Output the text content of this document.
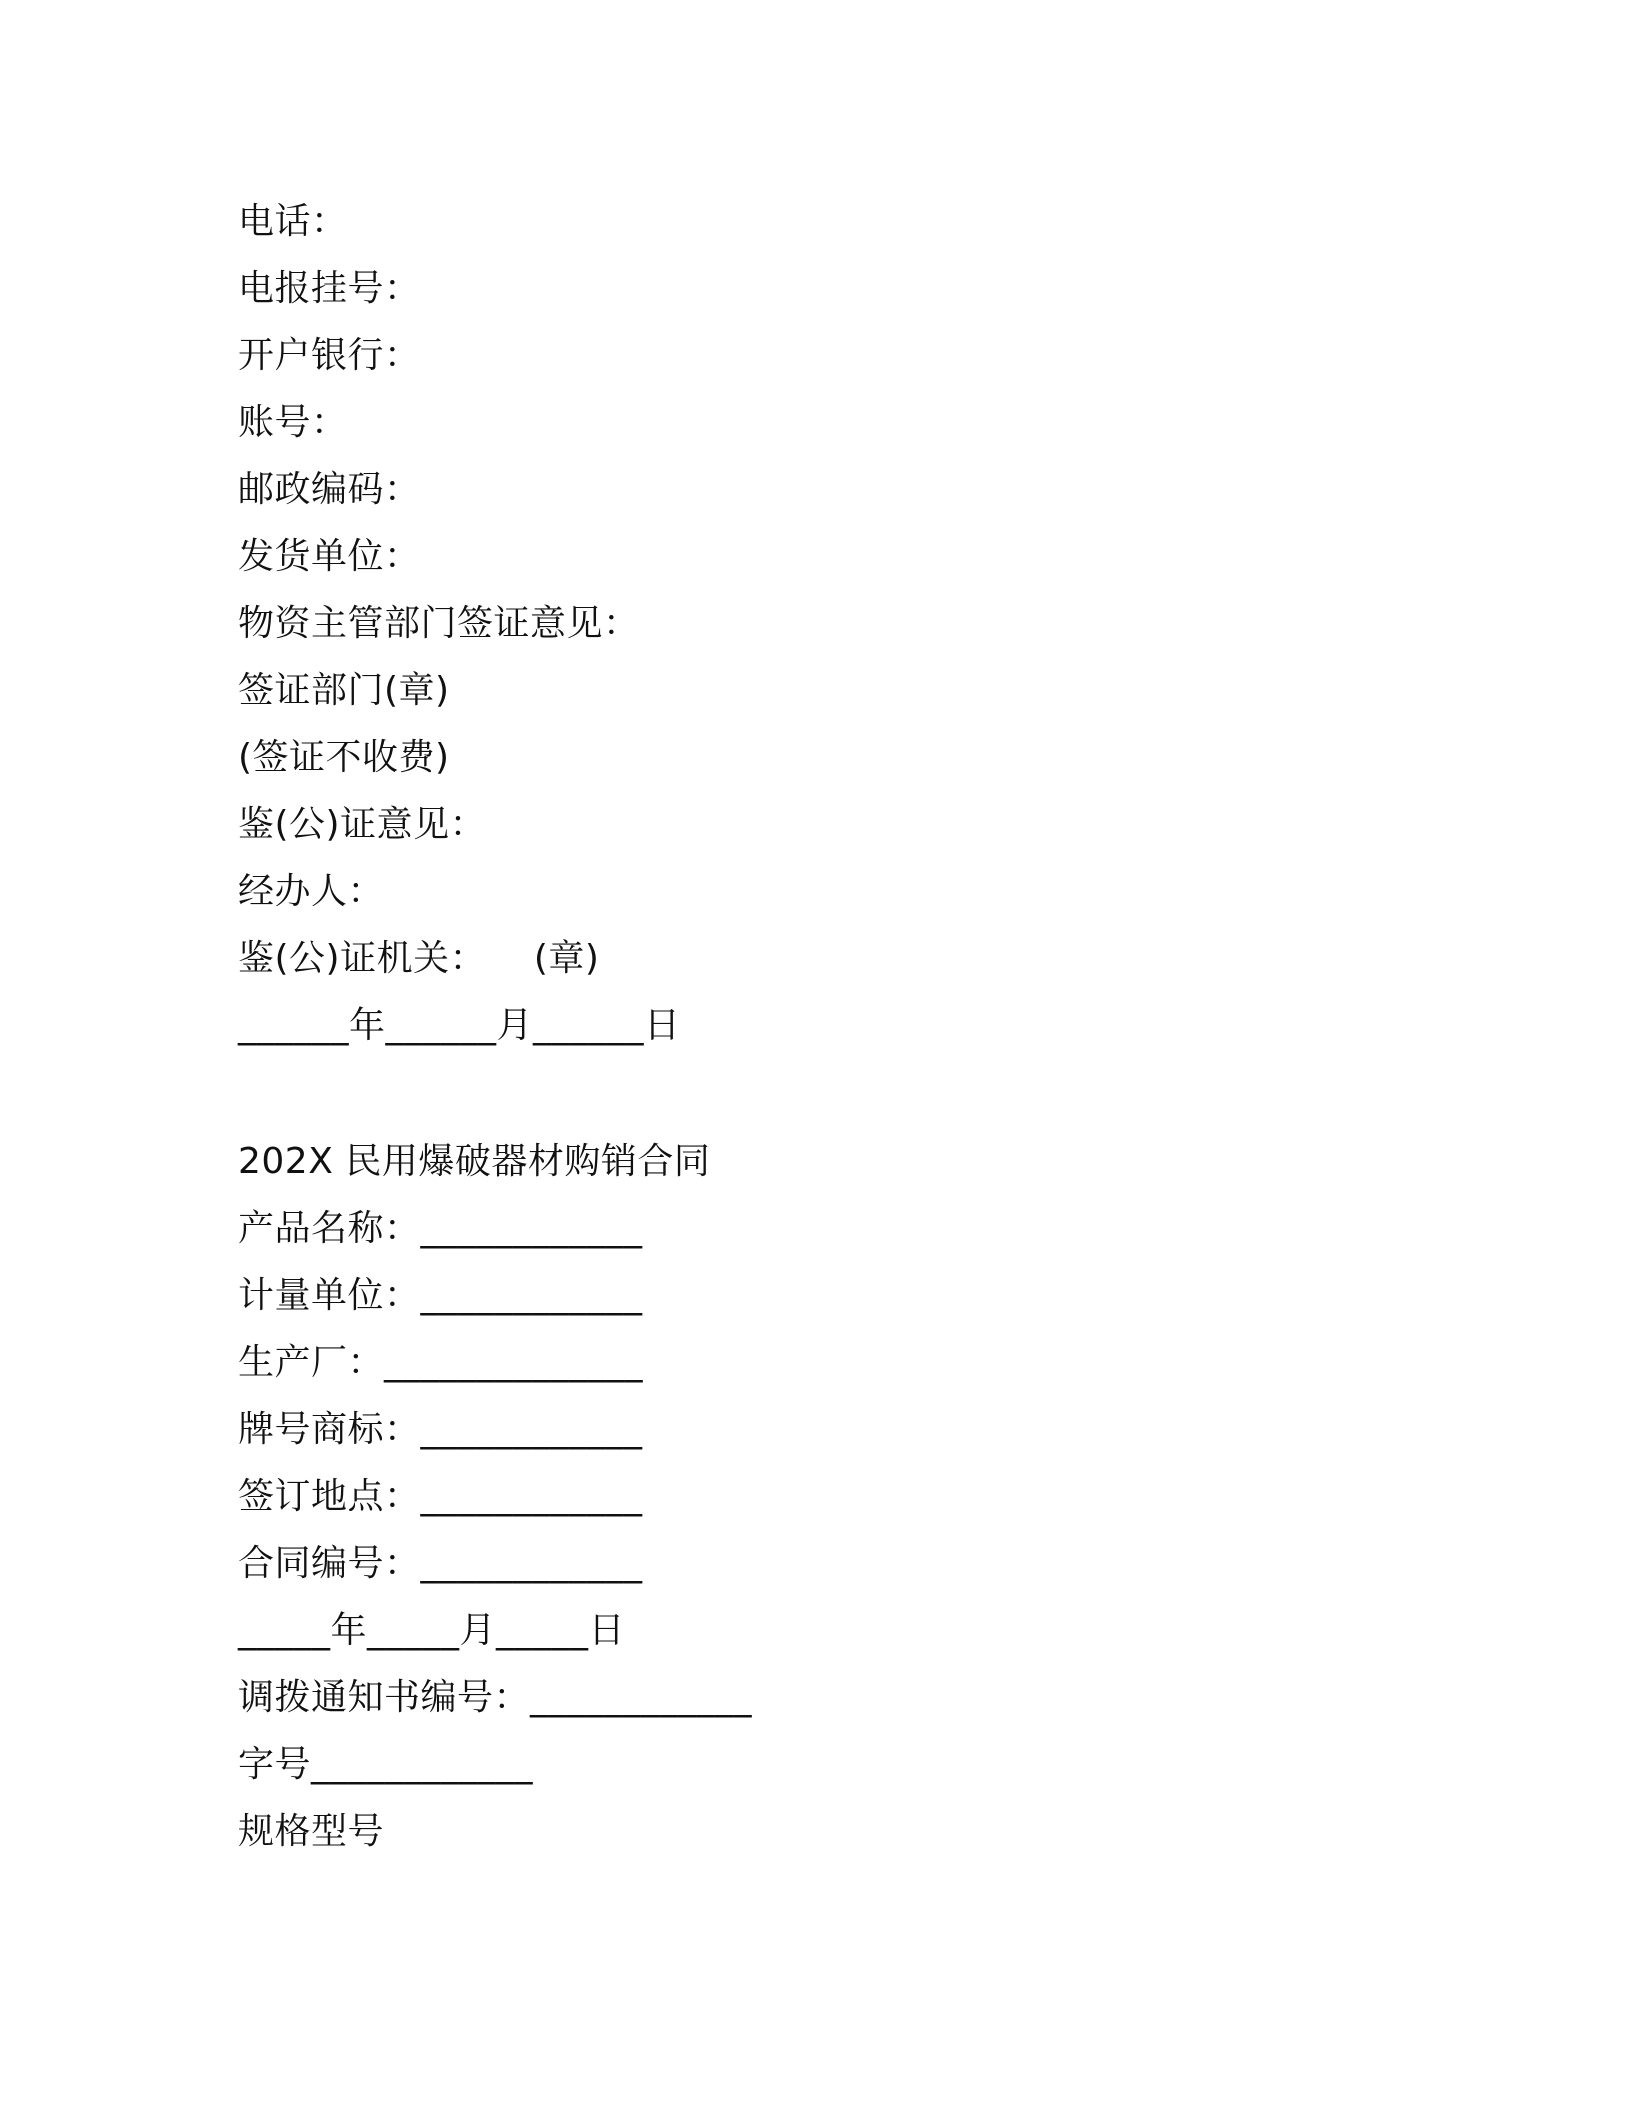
电话：
电报挂号：
开户银行：
账号：
邮政编码：
发货单位：
物资主管部门签证意见：
签证部门(章)
(签证不收费)
鉴(公)证意见：
经办人：
鉴(公)证机关：    (章)
______年______月______日
202X 民用爆破器材购销合同
产品名称：____________
计量单位：____________
生产厂：______________
牌号商标：____________
签订地点：____________
合同编号：____________
_____年_____月_____日
调拨通知书编号：____________
字号____________
规格型号
